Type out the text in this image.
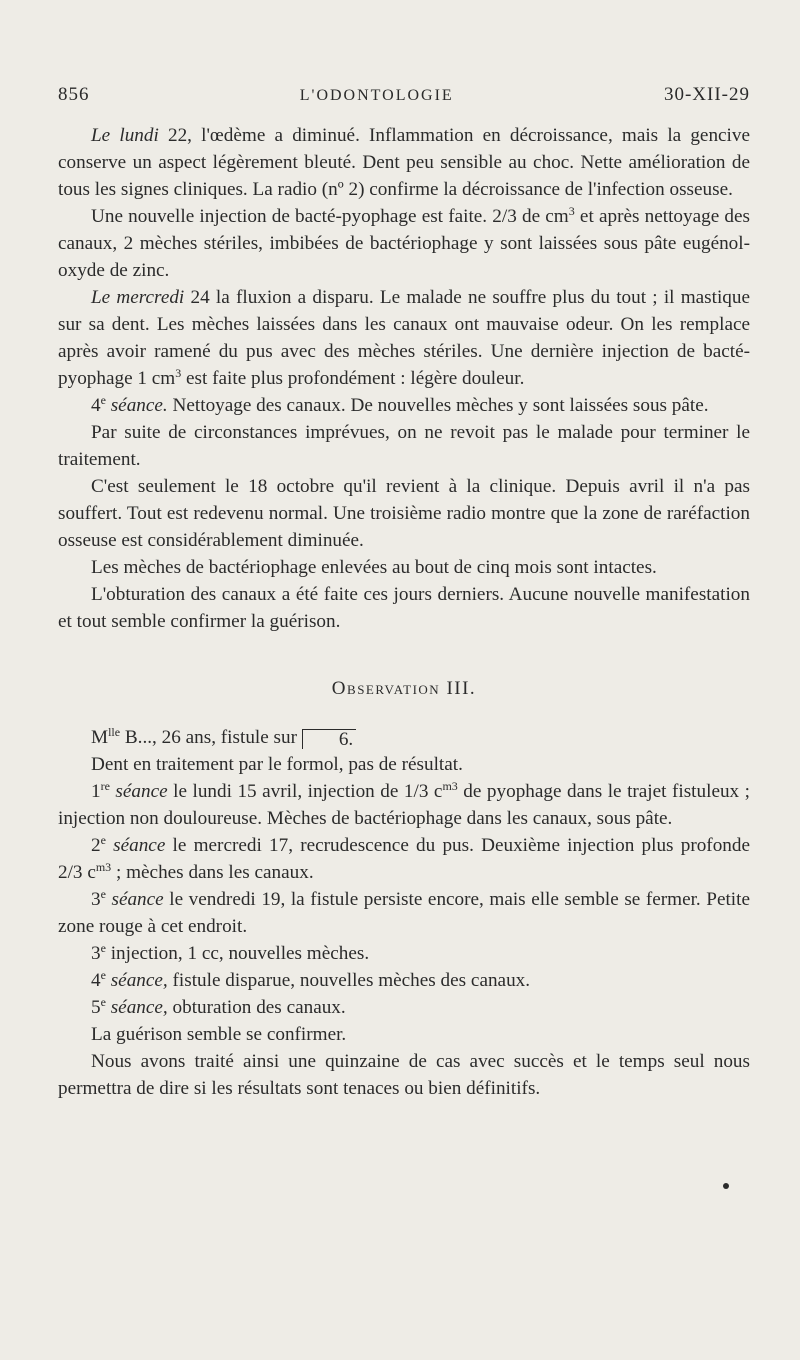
856	L'ODONTOLOGIE	30-XII-29

Le lundi 22, l'œdème a diminué. Inflammation en décroissance, mais la gencive conserve un aspect légèrement bleuté. Dent peu sensible au choc. Nette amélioration de tous les signes cliniques. La radio (nº 2) confirme la décroissance de l'infection osseuse.

Une nouvelle injection de bacté-pyophage est faite. 2/3 de $cm^3$ et après nettoyage des canaux, 2 mèches stériles, imbibées de bactériophage y sont laissées sous pâte eugénol-oxyde de zinc.

Le mercredi 24 la fluxion a disparu. Le malade ne souffre plus du tout ; il mastique sur sa dent. Les mèches laissées dans les canaux ont mauvaise odeur. On les remplace après avoir ramené du pus avec des mèches stériles. Une dernière injection de bacté-pyophage 1 $cm^3$ est faite plus profondément : légère douleur.

4e séance. Nettoyage des canaux. De nouvelles mèches y sont laissées sous pâte.

Par suite de circonstances imprévues, on ne revoit pas le malade pour terminer le traitement.

C'est seulement le 18 octobre qu'il revient à la clinique. Depuis avril il n'a pas souffert. Tout est redevenu normal. Une troisième radio montre que la zone de raréfaction osseuse est considérablement diminuée.

Les mèches de bactériophage enlevées au bout de cinq mois sont intactes.

L'obturation des canaux a été faite ces jours derniers. Aucune nouvelle manifestation et tout semble confirmer la guérison.

Observation III.

$M^{lle}$ B..., 26 ans, fistule sur 6.

Dent en traitement par le formol, pas de résultat.

1re séance le lundi 15 avril, injection de 1/3 $c^{m3}$ de pyophage dans le trajet fistuleux ; injection non douloureuse. Mèches de bactériophage dans les canaux, sous pâte.

2e séance le mercredi 17, recrudescence du pus. Deuxième injection plus profonde 2/3 $c^{m3}$ ; mèches dans les canaux.

3e séance le vendredi 19, la fistule persiste encore, mais elle semble se fermer. Petite zone rouge à cet endroit.

3e injection, 1 cc, nouvelles mèches.

4e séance, fistule disparue, nouvelles mèches des canaux.

5e séance, obturation des canaux.

La guérison semble se confirmer.

Nous avons traité ainsi une quinzaine de cas avec succès et le temps seul nous permettra de dire si les résultats sont tenaces ou bien définitifs.
